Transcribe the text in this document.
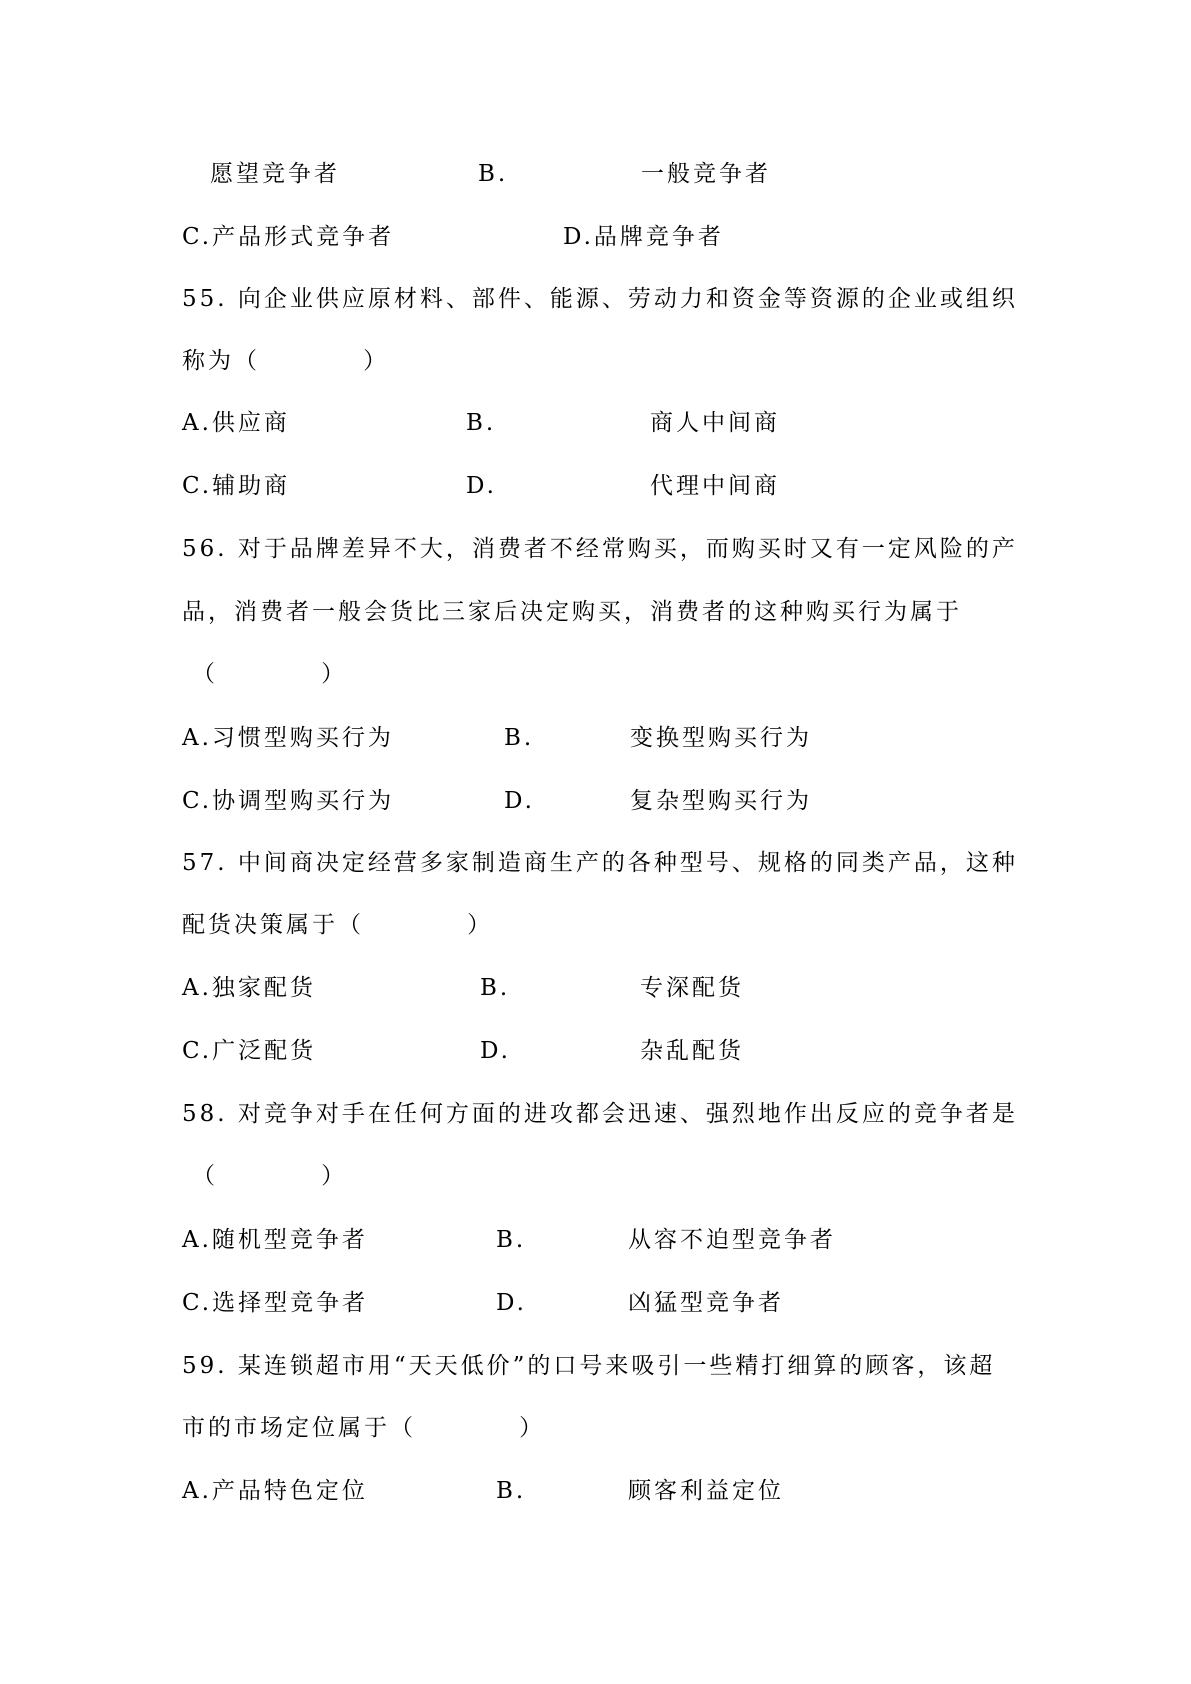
愿望竞争者	B.	一般竞争者
C.产品形式竞争者	D.品牌竞争者
55. 向企业供应原材料、部件、能源、劳动力和资金等资源的企业或组织
称为（          ）
A.供应商	B.	商人中间商
C.辅助商	D.	代理中间商
56. 对于品牌差异不大，消费者不经常购买，而购买时又有一定风险的产
品，消费者一般会货比三家后决定购买，消费者的这种购买行为属于
（          ）
A.习惯型购买行为	B.	变换型购买行为
C.协调型购买行为	D.	复杂型购买行为
57. 中间商决定经营多家制造商生产的各种型号、规格的同类产品，这种
配货决策属于（          ）
A.独家配货	B.	专深配货
C.广泛配货	D.	杂乱配货
58. 对竞争对手在任何方面的进攻都会迅速、强烈地作出反应的竞争者是
（          ）
A.随机型竞争者	B.	从容不迫型竞争者
C.选择型竞争者	D.	凶猛型竞争者
59. 某连锁超市用“天天低价”的口号来吸引一些精打细算的顾客，该超
市的市场定位属于（          ）
A.产品特色定位	B.	顾客利益定位
